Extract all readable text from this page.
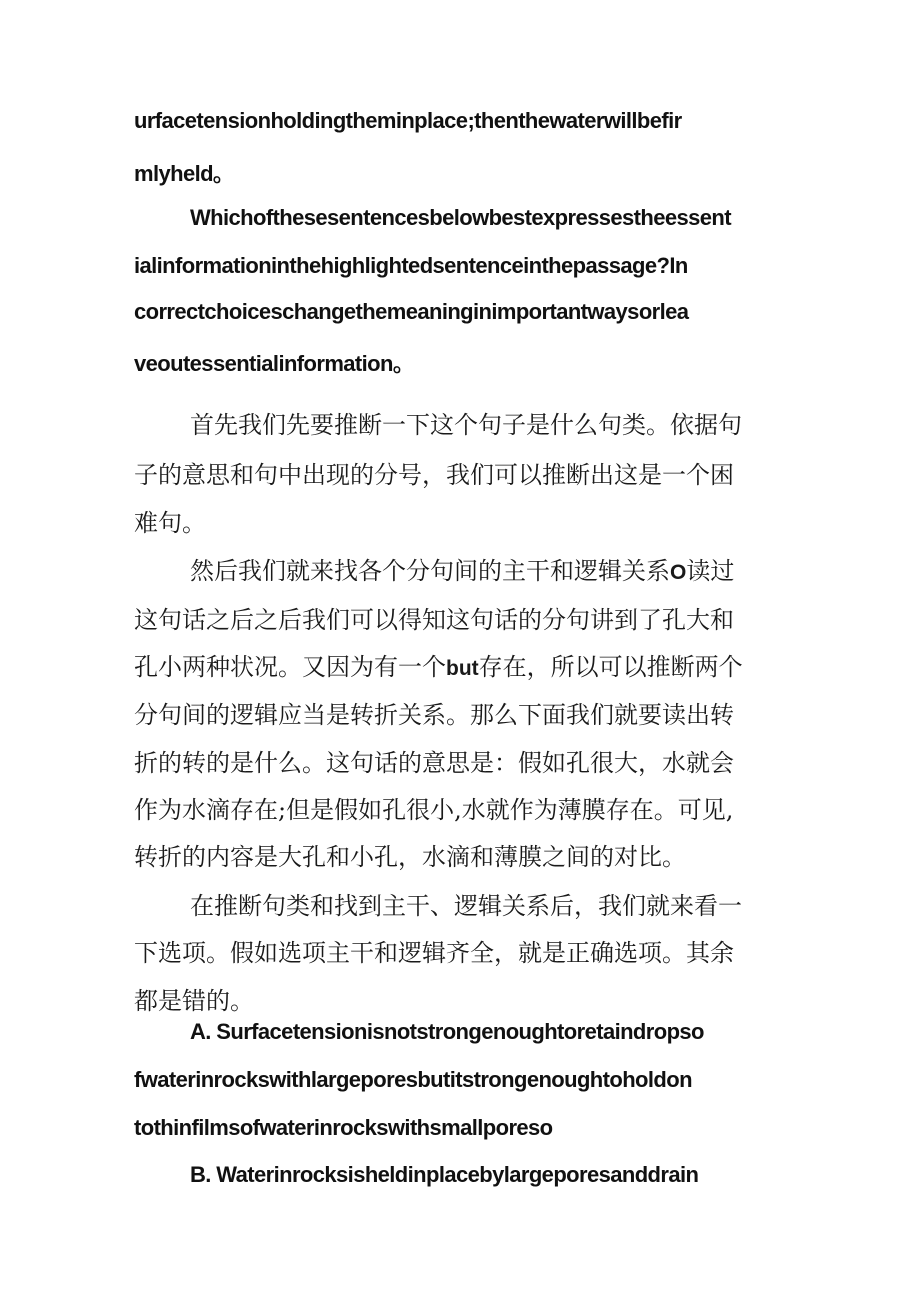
urfacetensionholdingtheminplace;thenthewaterwillbefir
mlyheld。
Whichofthesesentencesbelowbestexpressestheessent
ialinformationinthehighlightedsentenceinthepassage?In
correctchoiceschangethemeaninginimportantwaysorlea
veoutessentialinformation。
首先我们先要推断一下这个句子是什么句类。依据句
子的意思和句中出现的分号，我们可以推断出这是一个困
难句。
然后我们就来找各个分句间的主干和逻辑关系O读过
这句话之后之后我们可以得知这句话的分句讲到了孔大和
孔小两种状况。又因为有一个but存在，所以可以推断两个
分句间的逻辑应当是转折关系。那么下面我们就要读出转
折的转的是什么。这句话的意思是：假如孔很大，水就会
作为水滴存在;但是假如孔很小,水就作为薄膜存在。可见,
转折的内容是大孔和小孔，水滴和薄膜之间的对比。
在推断句类和找到主干、逻辑关系后，我们就来看一
下选项。假如选项主干和逻辑齐全，就是正确选项。其余
都是错的。
A. Surfacetensionisnotstrongenoughtoretaindropso
fwaterinrockswithlargeporesbutitstrongenoughtoholdon
tothinfilmsofwaterinrockswithsmallporeso
B. Waterinrocksisheldinplacebylargeporesanddrain
